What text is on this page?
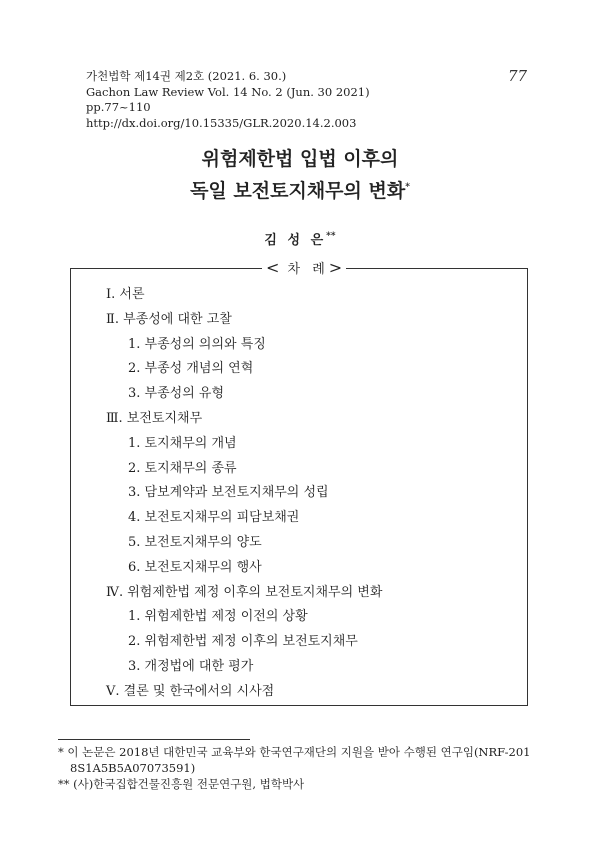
가천법학 제14권 제2호 (2021. 6. 30.)
Gachon Law Review Vol. 14 No. 2 (Jun. 30 2021)
pp.77~110
http://dx.doi.org/10.15335/GLR.2020.14.2.003
77
위험제한법 입법 이후의
독일 보전토지채무의 변화*
김 성 은**
< 차 례>
Ⅰ. 서론
Ⅱ. 부종성에 대한 고찰
1. 부종성의 의의와 특징
2. 부종성 개념의 연혁
3. 부종성의 유형
Ⅲ. 보전토지채무
1. 토지채무의 개념
2. 토지채무의 종류
3. 담보계약과 보전토지채무의 성립
4. 보전토지채무의 피담보채권
5. 보전토지채무의 양도
6. 보전토지채무의 행사
Ⅳ. 위험제한법 제정 이후의 보전토지채무의 변화
1. 위험제한법 제정 이전의 상황
2. 위험제한법 제정 이후의 보전토지채무
3. 개정법에 대한 평가
Ⅴ. 결론 및 한국에서의 시사점
* 이 논문은 2018년 대한민국 교육부와 한국연구재단의 지원을 받아 수행된 연구임(NRF-201
8S1A5B5A07073591)
** (사)한국집합건물진흥원 전문연구원, 법학박사
